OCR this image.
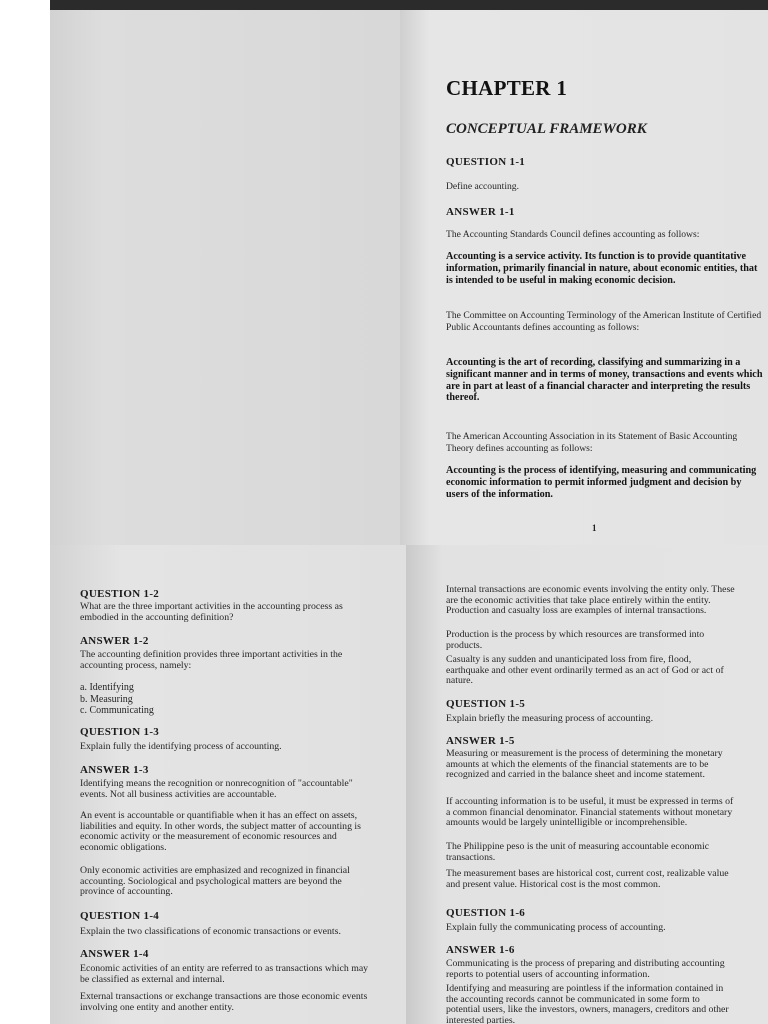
CHAPTER 1

CONCEPTUAL FRAMEWORK

QUESTION 1-1

Define accounting.

ANSWER 1-1

The Accounting Standards Council defines accounting as follows:

Accounting is a service activity. Its function is to provide quantitative information, primarily financial in nature, about economic entities, that is intended to be useful in making economic decision.

The Committee on Accounting Terminology of the American Institute of Certified Public Accountants defines accounting as follows:

Accounting is the art of recording, classifying and summarizing in a significant manner and in terms of money, transactions and events which are in part at least of a financial character and interpreting the results thereof.

The American Accounting Association in its Statement of Basic Accounting Theory defines accounting as follows:

Accounting is the process of identifying, measuring and communicating economic information to permit informed judgment and decision by users of the information.

1

QUESTION 1-2

What are the three important activities in the accounting process as embodied in the accounting definition?

ANSWER 1-2

The accounting definition provides three important activities in the accounting process, namely:

a. Identifying
b. Measuring
c. Communicating

QUESTION 1-3

Explain fully the identifying process of accounting.

ANSWER 1-3

Identifying means the recognition or nonrecognition of "accountable" events. Not all business activities are accountable.

An event is accountable or quantifiable when it has an effect on assets, liabilities and equity. In other words, the subject matter of accounting is economic activity or the measurement of economic resources and economic obligations.

Only economic activities are emphasized and recognized in financial accounting. Sociological and psychological matters are beyond the province of accounting.

QUESTION 1-4

Explain the two classifications of economic transactions or events.

ANSWER 1-4

Economic activities of an entity are referred to as transactions which may be classified as external and internal.

External transactions or exchange transactions are those economic events involving one entity and another entity.

Internal transactions are economic events involving the entity only. These are the economic activities that take place entirely within the entity. Production and casualty loss are examples of internal transactions.

Production is the process by which resources are transformed into products.

Casualty is any sudden and unanticipated loss from fire, flood, earthquake and other event ordinarily termed as an act of God or act of nature.

QUESTION 1-5

Explain briefly the measuring process of accounting.

ANSWER 1-5

Measuring or measurement is the process of determining the monetary amounts at which the elements of the financial statements are to be recognized and carried in the balance sheet and income statement.

If accounting information is to be useful, it must be expressed in terms of a common financial denominator. Financial statements without monetary amounts would be largely unintelligible or incomprehensible.

The Philippine peso is the unit of measuring accountable economic transactions.

The measurement bases are historical cost, current cost, realizable value and present value. Historical cost is the most common.

QUESTION 1-6

Explain fully the communicating process of accounting.

ANSWER 1-6

Communicating is the process of preparing and distributing accounting reports to potential users of accounting information.

Identifying and measuring are pointless if the information contained in the accounting records cannot be communicated in some form to potential users, like the investors, owners, managers, creditors and other interested parties.
